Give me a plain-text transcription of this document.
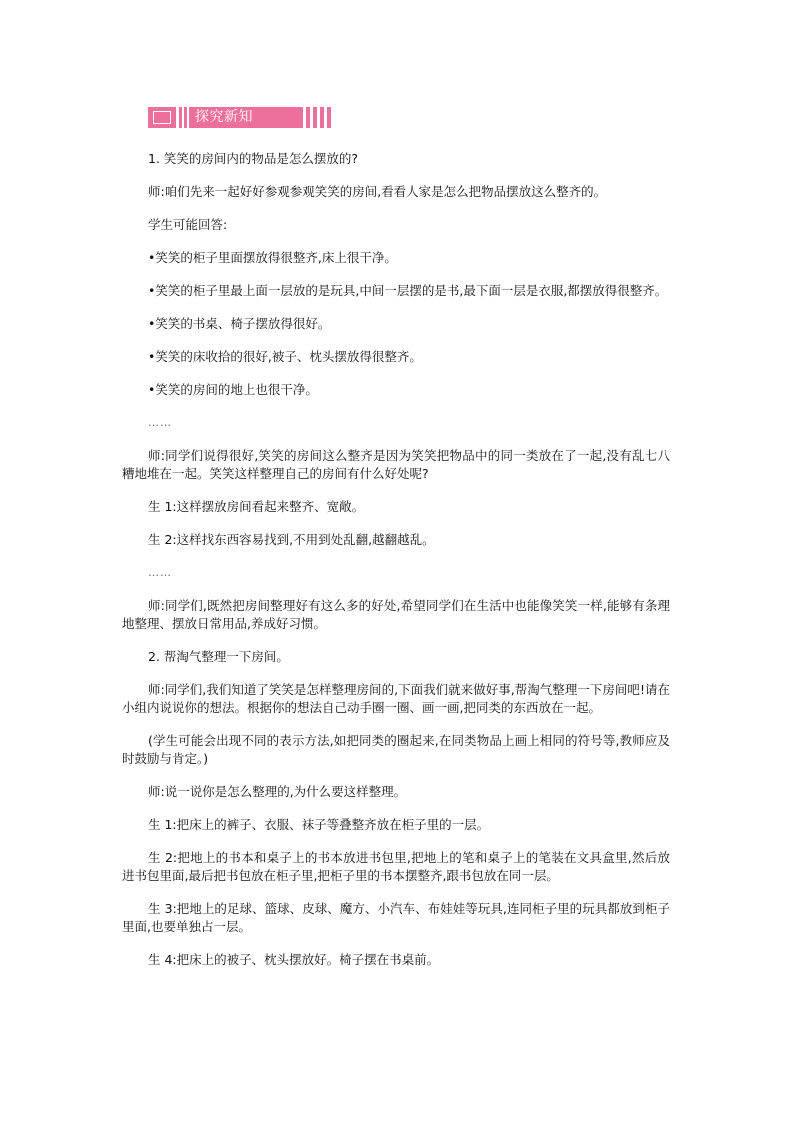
探究新知

1. 笑笑的房间内的物品是怎么摆放的?

师:咱们先来一起好好参观参观笑笑的房间,看看人家是怎么把物品摆放这么整齐的。

学生可能回答:

•笑笑的柜子里面摆放得很整齐,床上很干净。

•笑笑的柜子里最上面一层放的是玩具,中间一层摆的是书,最下面一层是衣服,都摆放得很整齐。

•笑笑的书桌、椅子摆放得很好。

•笑笑的床收拾的很好,被子、枕头摆放得很整齐。

•笑笑的房间的地上也很干净。

……

师:同学们说得很好,笑笑的房间这么整齐是因为笑笑把物品中的同一类放在了一起,没有乱七八糟地堆在一起。笑笑这样整理自己的房间有什么好处呢?

生 1:这样摆放房间看起来整齐、宽敞。

生 2:这样找东西容易找到,不用到处乱翻,越翻越乱。

……

师:同学们,既然把房间整理好有这么多的好处,希望同学们在生活中也能像笑笑一样,能够有条理地整理、摆放日常用品,养成好习惯。

2. 帮淘气整理一下房间。

师:同学们,我们知道了笑笑是怎样整理房间的,下面我们就来做好事,帮淘气整理一下房间吧!请在小组内说说你的想法。根据你的想法自己动手圈一圈、画一画,把同类的东西放在一起。

(学生可能会出现不同的表示方法,如把同类的圈起来,在同类物品上画上相同的符号等,教师应及时鼓励与肯定。)

师:说一说你是怎么整理的,为什么要这样整理。

生 1:把床上的裤子、衣服、袜子等叠整齐放在柜子里的一层。

生 2:把地上的书本和桌子上的书本放进书包里,把地上的笔和桌子上的笔装在文具盒里,然后放进书包里面,最后把书包放在柜子里,把柜子里的书本摆整齐,跟书包放在同一层。

生 3:把地上的足球、篮球、皮球、魔方、小汽车、布娃娃等玩具,连同柜子里的玩具都放到柜子里面,也要单独占一层。

生 4:把床上的被子、枕头摆放好。椅子摆在书桌前。
